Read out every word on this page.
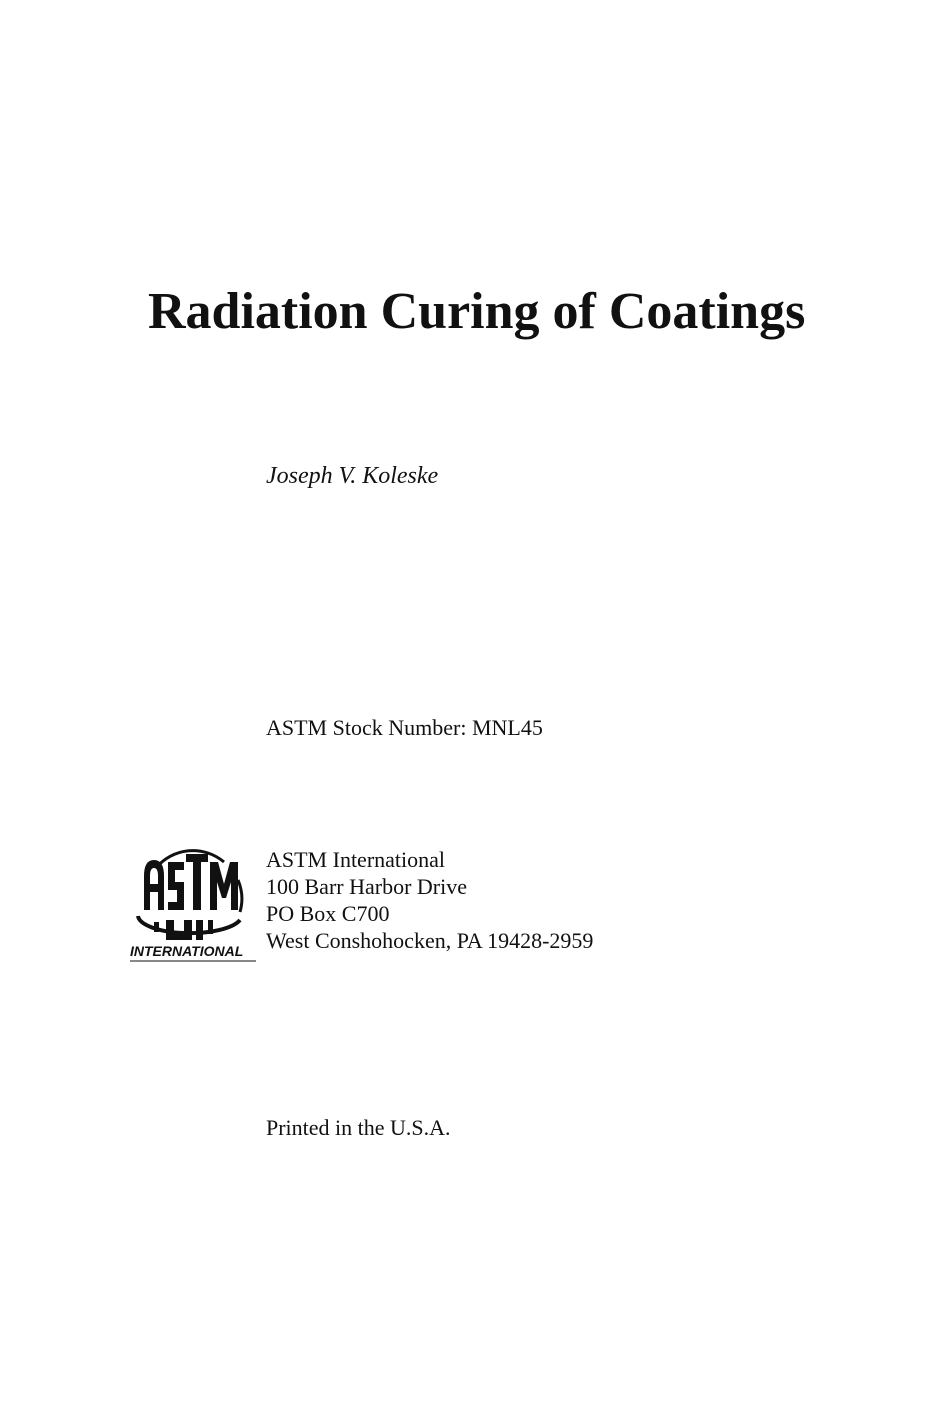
Radiation Curing of Coatings
Joseph V. Koleske
ASTM Stock Number: MNL45
INTERNATIONAL
ASTM International
100 Barr Harbor Drive
PO Box C700
West Conshohocken, PA 19428-2959
Printed in the U.S.A.
